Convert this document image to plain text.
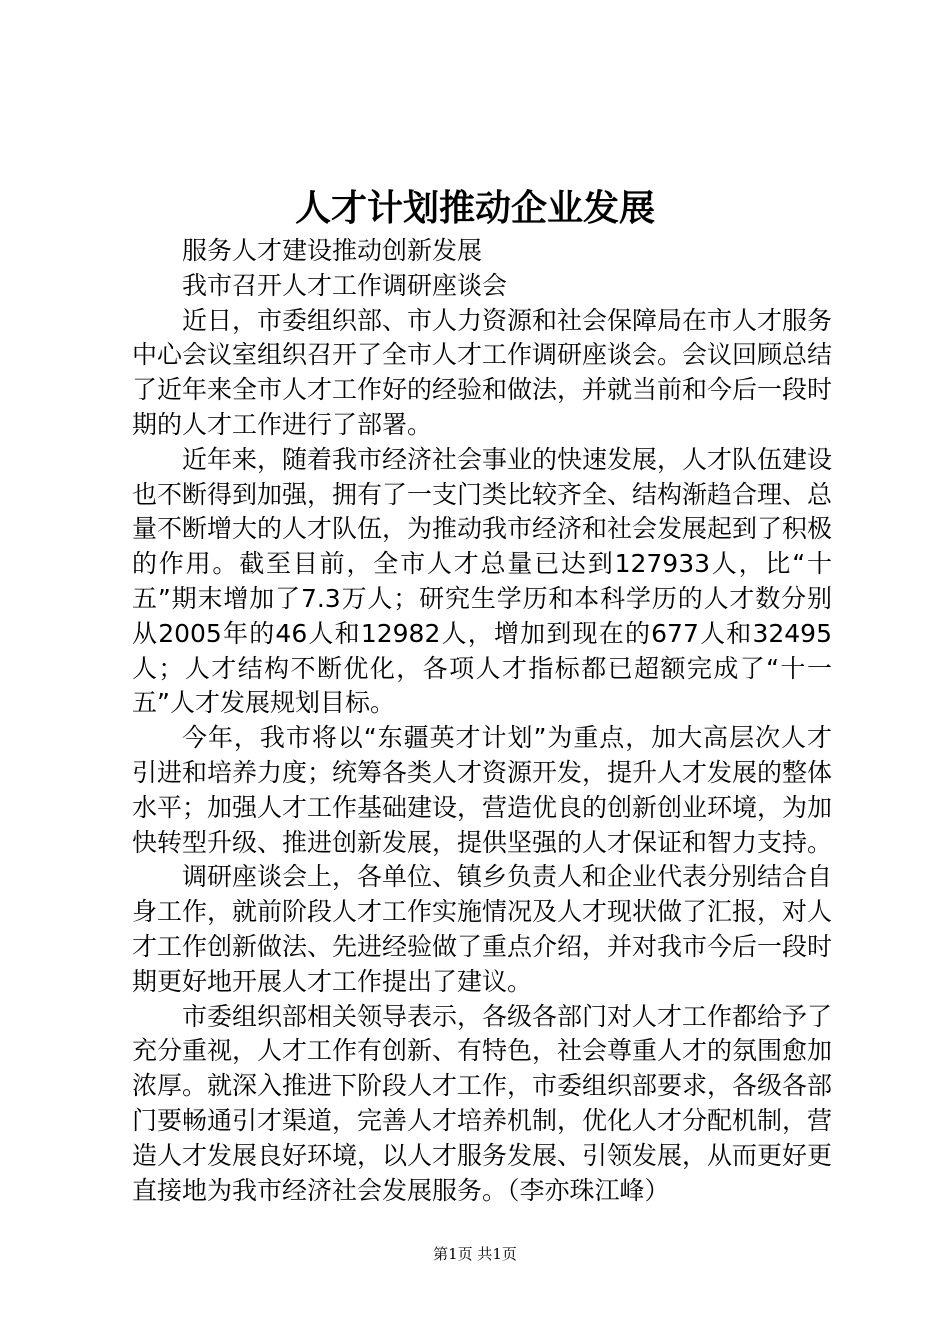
人才计划推动企业发展

服务人才建设推动创新发展

我市召开人才工作调研座谈会

近日，市委组织部、市人力资源和社会保障局在市人才服务中心会议室组织召开了全市人才工作调研座谈会。会议回顾总结了近年来全市人才工作好的经验和做法，并就当前和今后一段时期的人才工作进行了部署。

近年来，随着我市经济社会事业的快速发展，人才队伍建设也不断得到加强，拥有了一支门类比较齐全、结构渐趋合理、总量不断增大的人才队伍，为推动我市经济和社会发展起到了积极的作用。截至目前，全市人才总量已达到127933人，比“十五”期末增加了7.3万人；研究生学历和本科学历的人才数分别从2005年的46人和12982人，增加到现在的677人和32495人；人才结构不断优化，各项人才指标都已超额完成了“十一五”人才发展规划目标。

今年，我市将以“东疆英才计划”为重点，加大高层次人才引进和培养力度；统筹各类人才资源开发，提升人才发展的整体水平；加强人才工作基础建设，营造优良的创新创业环境，为加快转型升级、推进创新发展，提供坚强的人才保证和智力支持。

调研座谈会上，各单位、镇乡负责人和企业代表分别结合自身工作，就前阶段人才工作实施情况及人才现状做了汇报，对人才工作创新做法、先进经验做了重点介绍，并对我市今后一段时期更好地开展人才工作提出了建议。

市委组织部相关领导表示，各级各部门对人才工作都给予了充分重视，人才工作有创新、有特色，社会尊重人才的氛围愈加浓厚。就深入推进下阶段人才工作，市委组织部要求，各级各部门要畅通引才渠道，完善人才培养机制，优化人才分配机制，营造人才发展良好环境，以人才服务发展、引领发展，从而更好更直接地为我市经济社会发展服务。（李亦珠江峰）

第1页 共1页
